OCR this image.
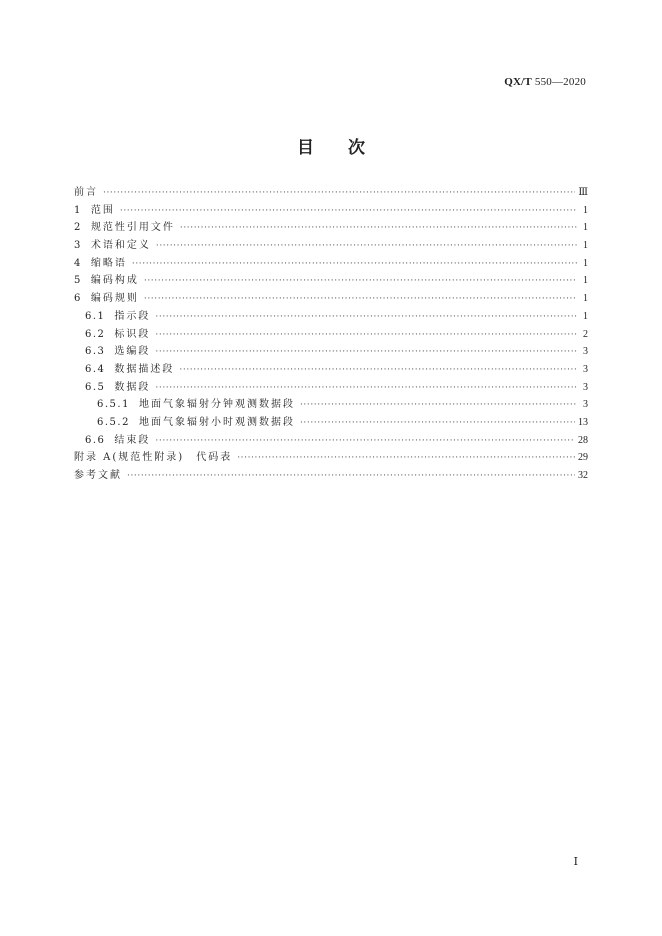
QX/T 550—2020
目次
前言 ·····	Ⅲ
1 范围 ·····	1
2 规范性引用文件 ·····	1
3 术语和定义 ·····	1
4 缩略语 ·····	1
5 编码构成 ·····	1
6 编码规则 ·····	1
6.1 指示段 ·····	1
6.2 标识段 ·····	2
6.3 选编段 ·····	3
6.4 数据描述段 ·····	3
6.5 数据段 ·····	3
6.5.1 地面气象辐射分钟观测数据段 ·····	3
6.5.2 地面气象辐射小时观测数据段 ·····	13
6.6 结束段 ·····	28
附录 A(规范性附录)　代码表 ·····	29
参考文献 ·····	32
Ⅰ
